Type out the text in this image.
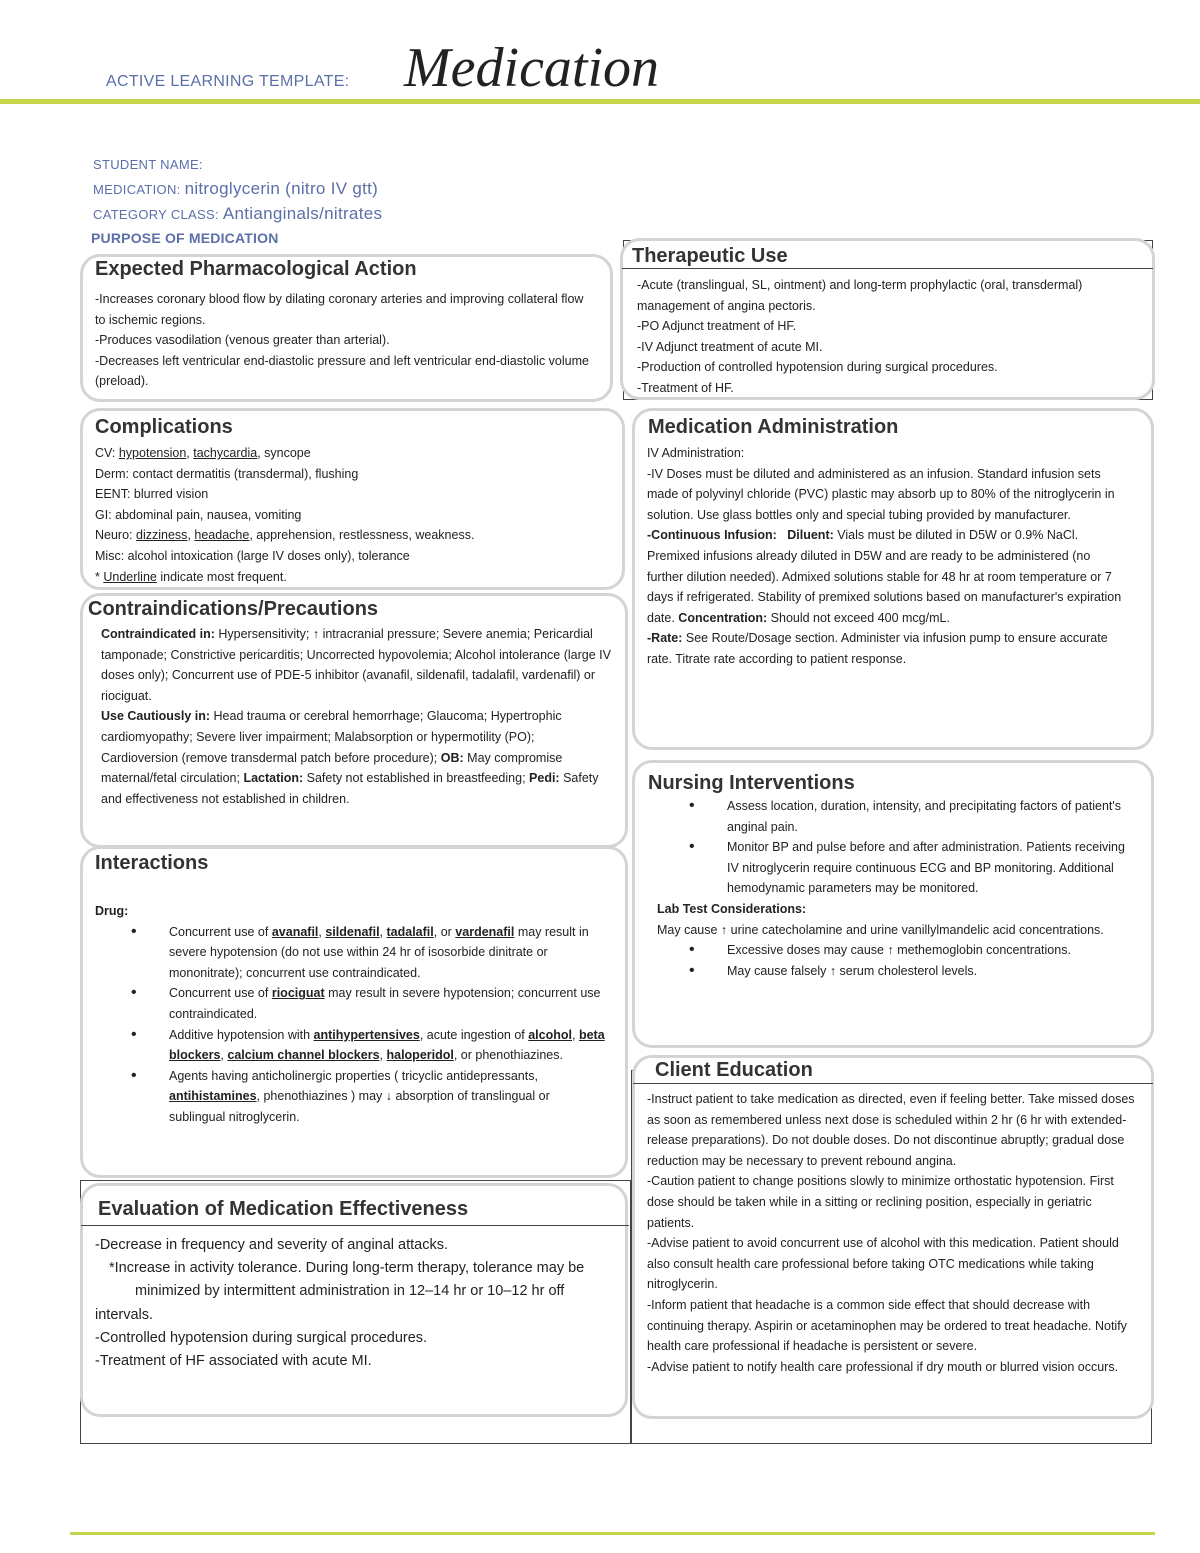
ACTIVE LEARNING TEMPLATE: Medication
STUDENT NAME:
MEDICATION: nitroglycerin (nitro IV gtt)
CATEGORY CLASS: Antianginals/nitrates
PURPOSE OF MEDICATION
Expected Pharmacological Action

-Increases coronary blood flow by dilating coronary arteries and improving collateral flow to ischemic regions.

-Produces vasodilation (venous greater than arterial).

-Decreases left ventricular end-diastolic pressure and left ventricular end-diastolic volume (preload).

Therapeutic Use

-Acute (translingual, SL, ointment) and long-term prophylactic (oral, transdermal) management of angina pectoris.

-PO Adjunct treatment of HF.

-IV Adjunct treatment of acute MI.

-Production of controlled hypotension during surgical procedures.

-Treatment of HF.

Complications

CV: hypotension, tachycardia, syncope

Derm: contact dermatitis (transdermal), flushing

EENT: blurred vision

GI: abdominal pain, nausea, vomiting

Neuro: dizziness, headache, apprehension, restlessness, weakness.

Misc: alcohol intoxication (large IV doses only), tolerance

* Underline indicate most frequent.

Contraindications/Precautions

Contraindicated in: Hypersensitivity; ↑ intracranial pressure; Severe anemia; Pericardial tamponade; Constrictive pericarditis; Uncorrected hypovolemia; Alcohol intolerance (large IV doses only); Concurrent use of PDE-5 inhibitor (avanafil, sildenafil, tadalafil, vardenafil) or riociguat.

Use Cautiously in: Head trauma or cerebral hemorrhage; Glaucoma; Hypertrophic cardiomyopathy; Severe liver impairment; Malabsorption or hypermotility (PO); Cardioversion (remove transdermal patch before procedure); OB: May compromise maternal/fetal circulation; Lactation: Safety not established in breastfeeding; Pedi: Safety and effectiveness not established in children.

Interactions

Drug:

• Concurrent use of avanafil, sildenafil, tadalafil, or vardenafil may result in severe hypotension (do not use within 24 hr of isosorbide dinitrate or mononitrate); concurrent use contraindicated.
• Concurrent use of riociguat may result in severe hypotension; concurrent use contraindicated.
• Additive hypotension with antihypertensives, acute ingestion of alcohol, beta blockers, calcium channel blockers, haloperidol, or phenothiazines.
• Agents having anticholinergic properties ( tricyclic antidepressants, antihistamines, phenothiazines ) may ↓ absorption of translingual or sublingual nitroglycerin.
Evaluation of Medication Effectiveness

-Decrease in frequency and severity of anginal attacks.

*Increase in activity tolerance. During long-term therapy, tolerance may be

minimized by intermittent administration in 12–14 hr or 10–12 hr off intervals.

-Controlled hypotension during surgical procedures.

-Treatment of HF associated with acute MI.

Medication Administration

IV Administration:

-IV Doses must be diluted and administered as an infusion. Standard infusion sets made of polyvinyl chloride (PVC) plastic may absorb up to 80% of the nitroglycerin in solution. Use glass bottles only and special tubing provided by manufacturer.

-Continuous Infusion: Diluent: Vials must be diluted in D5W or 0.9% NaCl. Premixed infusions already diluted in D5W and are ready to be administered (no further dilution needed). Admixed solutions stable for 48 hr at room temperature or 7 days if refrigerated. Stability of premixed solutions based on manufacturer's expiration date. Concentration: Should not exceed 400 mcg/mL.

-Rate: See Route/Dosage section. Administer via infusion pump to ensure accurate rate. Titrate rate according to patient response.

Nursing Interventions
• Assess location, duration, intensity, and precipitating factors of patient's anginal pain.
• Monitor BP and pulse before and after administration. Patients receiving IV nitroglycerin require continuous ECG and BP monitoring. Additional hemodynamic parameters may be monitored.

Lab Test Considerations:

May cause ↑ urine catecholamine and urine vanillylmandelic acid concentrations.

• Excessive doses may cause ↑ methemoglobin concentrations.
• May cause falsely ↑ serum cholesterol levels.
Client Education

-Instruct patient to take medication as directed, even if feeling better. Take missed doses as soon as remembered unless next dose is scheduled within 2 hr (6 hr with extended-release preparations). Do not double doses. Do not discontinue abruptly; gradual dose reduction may be necessary to prevent rebound angina.

-Caution patient to change positions slowly to minimize orthostatic hypotension. First dose should be taken while in a sitting or reclining position, especially in geriatric patients.

-Advise patient to avoid concurrent use of alcohol with this medication. Patient should also consult health care professional before taking OTC medications while taking nitroglycerin.

-Inform patient that headache is a common side effect that should decrease with continuing therapy. Aspirin or acetaminophen may be ordered to treat headache. Notify health care professional if headache is persistent or severe.

-Advise patient to notify health care professional if dry mouth or blurred vision occurs.
